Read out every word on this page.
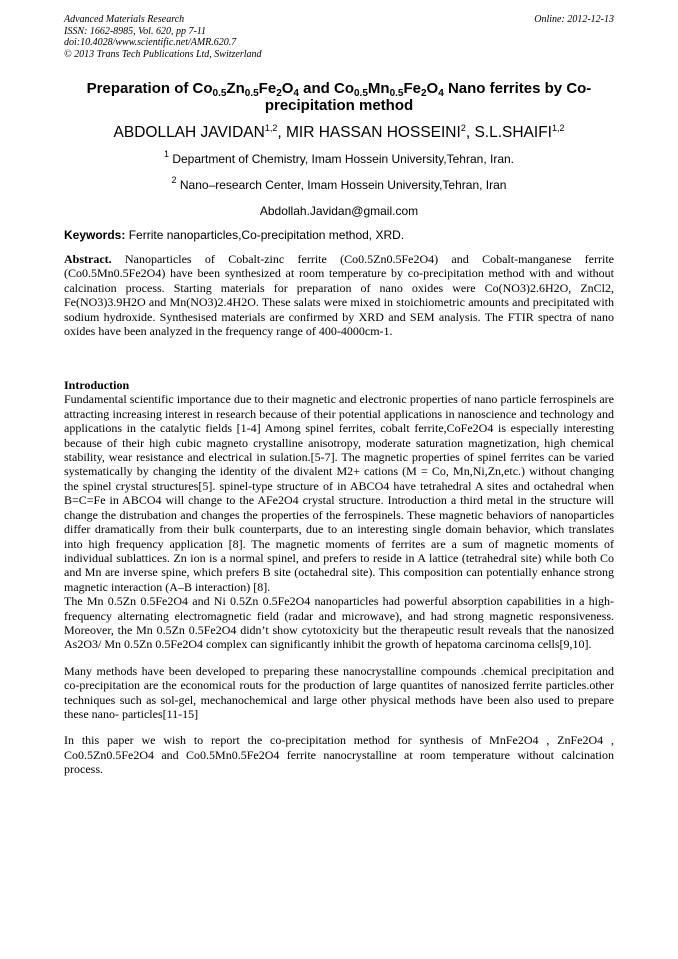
Advanced Materials Research
ISSN: 1662-8985, Vol. 620, pp 7-11
doi:10.4028/www.scientific.net/AMR.620.7
© 2013 Trans Tech Publications Ltd, Switzerland
Online: 2012-12-13
Preparation of $Co_{0.5}Zn_{0.5}Fe_2O_4$ and $Co_{0.5}Mn_{0.5}Fe_2O_4$ Nano ferrites by Co-precipitation method
ABDOLLAH JAVIDAN$^{1,2}$, MIR HASSAN HOSSEINI$^2$, S.L.SHAIFI$^{1,2}$
$^1$ Department of Chemistry, Imam Hossein University,Tehran, Iran.
$^2$ Nano–research Center, Imam Hossein University,Tehran, Iran
Abdollah.Javidan@gmail.com
Keywords: Ferrite nanoparticles,Co-precipitation method, XRD.
Abstract. Nanoparticles of Cobalt-zinc ferrite (Co0.5Zn0.5Fe2O4) and Cobalt-manganese ferrite (Co0.5Mn0.5Fe2O4) have been synthesized at room temperature by co-precipitation method with and without calcination process. Starting materials for preparation of nano oxides were Co(NO3)2.6H2O, ZnCl2, Fe(NO3)3.9H2O and Mn(NO3)2.4H2O. These salats were mixed in stoichiometric amounts and precipitated with sodium hydroxide. Synthesised materials are confirmed by XRD and SEM analysis. The FTIR spectra of nano oxides have been analyzed in the frequency range of 400-4000cm-1.
Introduction
Fundamental scientific importance due to their magnetic and electronic properties of nano particle ferrospinels are attracting increasing interest in research because of their potential applications in nanoscience and technology and applications in the catalytic fields [1-4] Among spinel ferrites, cobalt ferrite,CoFe2O4 is especially interesting because of their high cubic magneto crystalline anisotropy, moderate saturation magnetization, high chemical stability, wear resistance and electrical in sulation.[5-7]. The magnetic properties of spinel ferrites can be varied systematically by changing the identity of the divalent M2+ cations (M = Co, Mn,Ni,Zn,etc.) without changing the spinel crystal structures[5]. spinel-type structure of in ABCO4 have tetrahedral A sites and octahedral when B=C=Fe in ABCO4 will change to the AFe2O4 crystal structure. Introduction a third metal in the structure will change the distrubation and changes the properties of the ferrospinels. These magnetic behaviors of nanoparticles differ dramatically from their bulk counterparts, due to an interesting single domain behavior, which translates into high frequency application [8]. The magnetic moments of ferrites are a sum of magnetic moments of individual sublattices. Zn ion is a normal spinel, and prefers to reside in A lattice (tetrahedral site) while both Co and Mn are inverse spine, which prefers B site (octahedral site). This composition can potentially enhance strong magnetic interaction (A–B interaction) [8].
The Mn 0.5Zn 0.5Fe2O4 and Ni 0.5Zn 0.5Fe2O4 nanoparticles had powerful absorption capabilities in a high-frequency alternating electromagnetic field (radar and microwave), and had strong magnetic responsiveness. Moreover, the Mn 0.5Zn 0.5Fe2O4 didn’t show cytotoxicity but the therapeutic result reveals that the nanosized As2O3/ Mn 0.5Zn 0.5Fe2O4 complex can significantly inhibit the growth of hepatoma carcinoma cells[9,10].
Many methods have been developed to preparing these nanocrystalline compounds .chemical precipitation and co-precipitation are the economical routs for the production of large quantites of nanosized ferrite particles.other techniques such as sol-gel, mechanochemical and large other physical methods have been also used to prepare these nano- particles[11-15]
In this paper we wish to report the co-precipitation method for synthesis of MnFe2O4 , ZnFe2O4 , Co0.5Zn0.5Fe2O4 and Co0.5Mn0.5Fe2O4 ferrite nanocrystalline at room temperature without calcination process.
